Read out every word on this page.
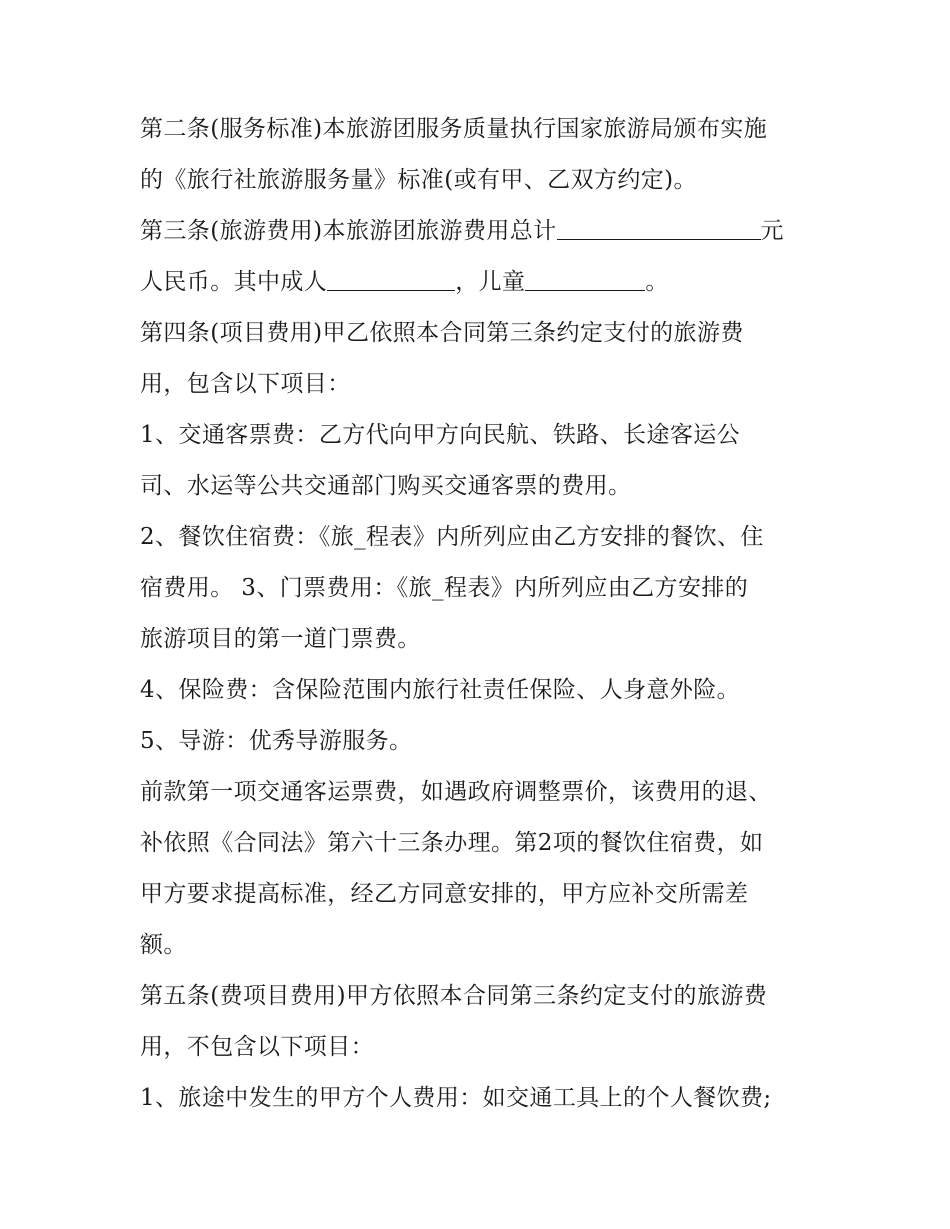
第二条(服务标准)本旅游团服务质量执行国家旅游局颁布实施
的《旅行社旅游服务量》标准(或有甲、乙双方约定)。
第三条(旅游费用)本旅游团旅游费用总计	元
人民币。其中成人	，儿童	。
第四条(项目费用)甲乙依照本合同第三条约定支付的旅游费
用，包含以下项目：
1、交通客票费：乙方代向甲方向民航、铁路、长途客运公
司、水运等公共交通部门购买交通客票的费用。
2、餐饮住宿费：《旅_程表》内所列应由乙方安排的餐饮、住
宿费用。 3、门票费用：《旅_程表》内所列应由乙方安排的
旅游项目的第一道门票费。
4、保险费：含保险范围内旅行社责任保险、人身意外险。
5、导游：优秀导游服务。
前款第一项交通客运票费，如遇政府调整票价，该费用的退、
补依照《合同法》第六十三条办理。第2项的餐饮住宿费，如
甲方要求提高标准，经乙方同意安排的，甲方应补交所需差
额。
第五条(费项目费用)甲方依照本合同第三条约定支付的旅游费
用，不包含以下项目：
1、旅途中发生的甲方个人费用：如交通工具上的个人餐饮费;
